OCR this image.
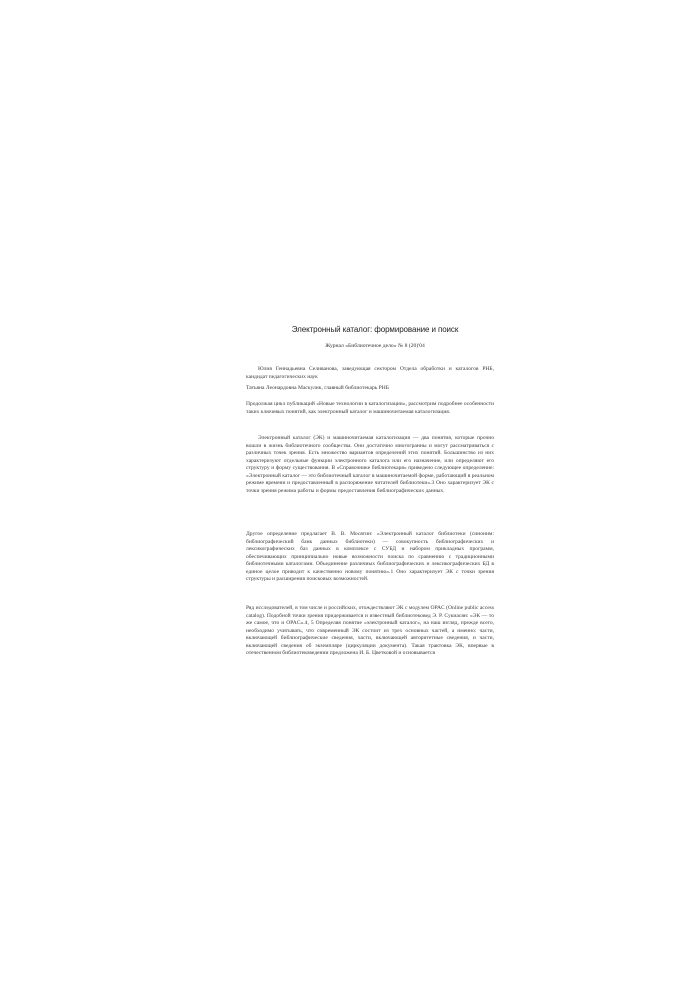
Электронный каталог: формирование и поиск
Журнал «Библиотечное дело» № 8 (20)'04

Юлия Геннадьевна Селиванова, заведующая сектором Отдела обработки и каталогов РНБ, кандидат педагогических наук

Татьяна Леонардовна Маскулик, главный библиотекарь РНБ

Продолжая цикл публикаций «Новые технологии в каталогизации», рассмотрим подробнее особенности таких ключевых понятий, как электронный каталог и машиночитаемая каталогизация.

Электронный каталог (ЭК) и машиночитаемая каталогизация — два понятия, которые прочно вошли в жизнь библиотечного сообщества. Они достаточно многогранны и могут рассматриваться с различных точек зрения. Есть множество вариантов определений этих понятий. Большинство из них характеризуют отдельные функции электронного каталога или его назначение, или определяют его структуру и форму существования. В «Справочнике библиотекаря» приведено следующее определение: «Электронный каталог — это библиотечный каталог в машиночитаемой форме, работающий в реальном режиме времени и предоставленный в распоряжение читателей библиотеки».3 Оно характеризует ЭК с точки зрения режима работы и формы предоставления библиографических данных.

Другое определение предлагает В. В. Мосягин: «Электронный каталог библиотеки (синоним: библиографический банк данных библиотеки) — совокупность библиографических и лексикографических баз данных в комплексе с СУБД и набором прикладных программ, обеспечивающих принципиально новые возможности поиска по сравнению с традиционными библиотечными каталогами. Объединение различных библиографических и лексикографических БД в единое целое приводит к качественно новому понятию».1 Оно характеризует ЭК с точки зрения структуры и расширения поисковых возможностей.

Ряд исследователей, в том числе и российских, отождествляют ЭК с модулем OPAC (Online public access catalog). Подобной точки зрения придерживается и известный библиотековед Э. Р. Сукиасян: «ЭК — то же самое, что и OPAC».4, 5 Определяя понятие «электронный каталог», на наш взгляд, прежде всего, необходимо учитывать, что современный ЭК состоит из трех основных частей, а именно: части, включающей библиографические сведения, части, включающей авторитетные сведения, и части, включающей сведения об экземпляре (циркуляции документа). Такая трактовка ЭК, впервые в отечественном библиотековедении предложена И. Б. Цветковой и основывается
